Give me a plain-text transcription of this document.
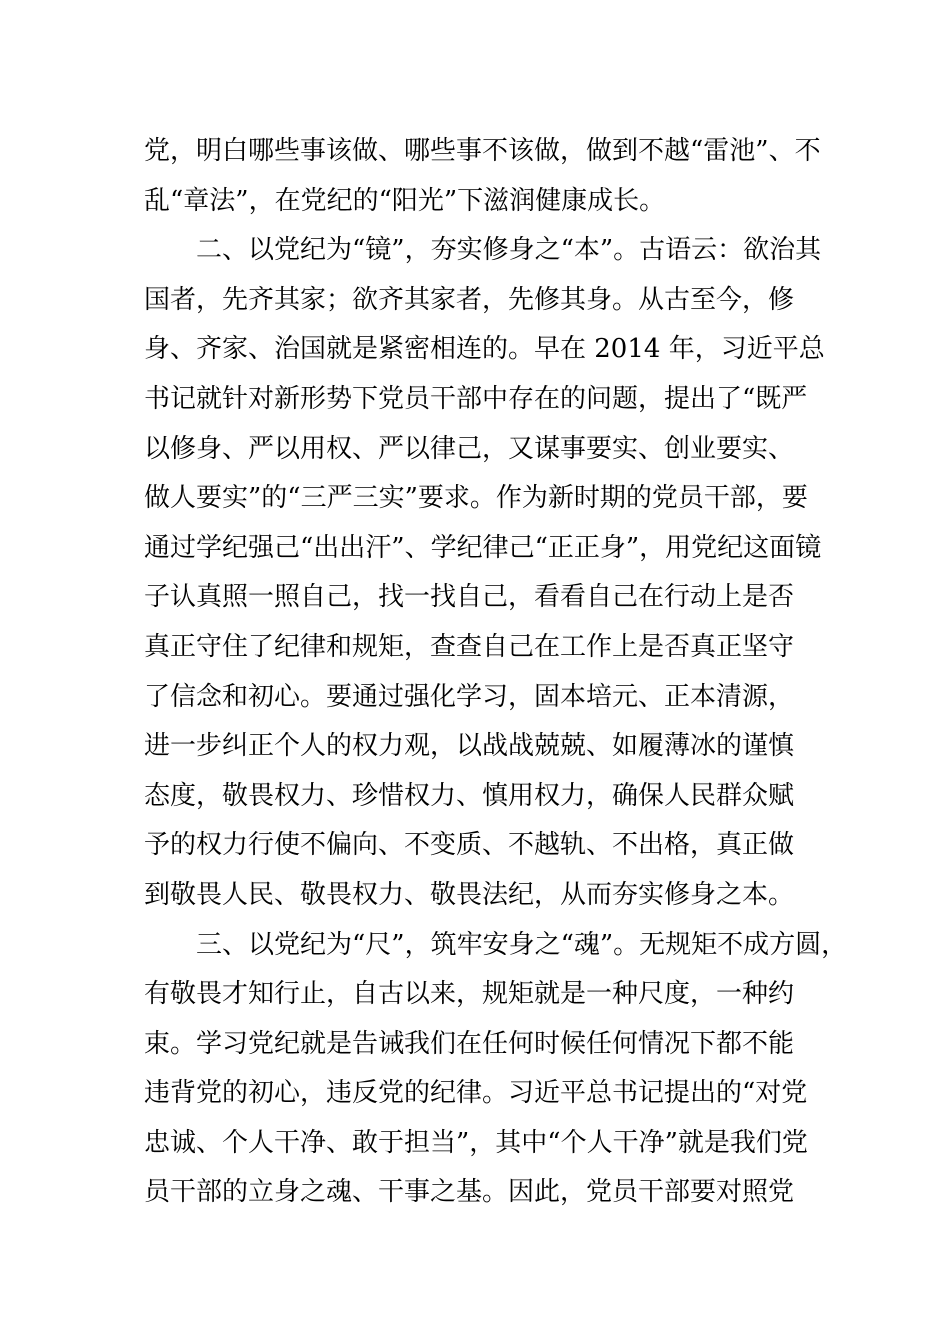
党，明白哪些事该做、哪些事不该做，做到不越“雷池”、不
乱“章法”，在党纪的“阳光”下滋润健康成长。
二、以党纪为“镜”，夯实修身之“本”。古语云：欲治其
国者，先齐其家；欲齐其家者，先修其身。从古至今，修
身、齐家、治国就是紧密相连的。早在 2014 年，习近平总
书记就针对新形势下党员干部中存在的问题，提出了“既严
以修身、严以用权、严以律己，又谋事要实、创业要实、
做人要实”的“三严三实”要求。作为新时期的党员干部，要
通过学纪强己“出出汗”、学纪律己“正正身”，用党纪这面镜
子认真照一照自己，找一找自己，看看自己在行动上是否
真正守住了纪律和规矩，查查自己在工作上是否真正坚守
了信念和初心。要通过强化学习，固本培元、正本清源，
进一步纠正个人的权力观，以战战兢兢、如履薄冰的谨慎
态度，敬畏权力、珍惜权力、慎用权力，确保人民群众赋
予的权力行使不偏向、不变质、不越轨、不出格，真正做
到敬畏人民、敬畏权力、敬畏法纪，从而夯实修身之本。
三、以党纪为“尺”，筑牢安身之“魂”。无规矩不成方圆，
有敬畏才知行止，自古以来，规矩就是一种尺度，一种约
束。学习党纪就是告诫我们在任何时候任何情况下都不能
违背党的初心，违反党的纪律。习近平总书记提出的“对党
忠诚、个人干净、敢于担当”，其中“个人干净”就是我们党
员干部的立身之魂、干事之基。因此，党员干部要对照党
